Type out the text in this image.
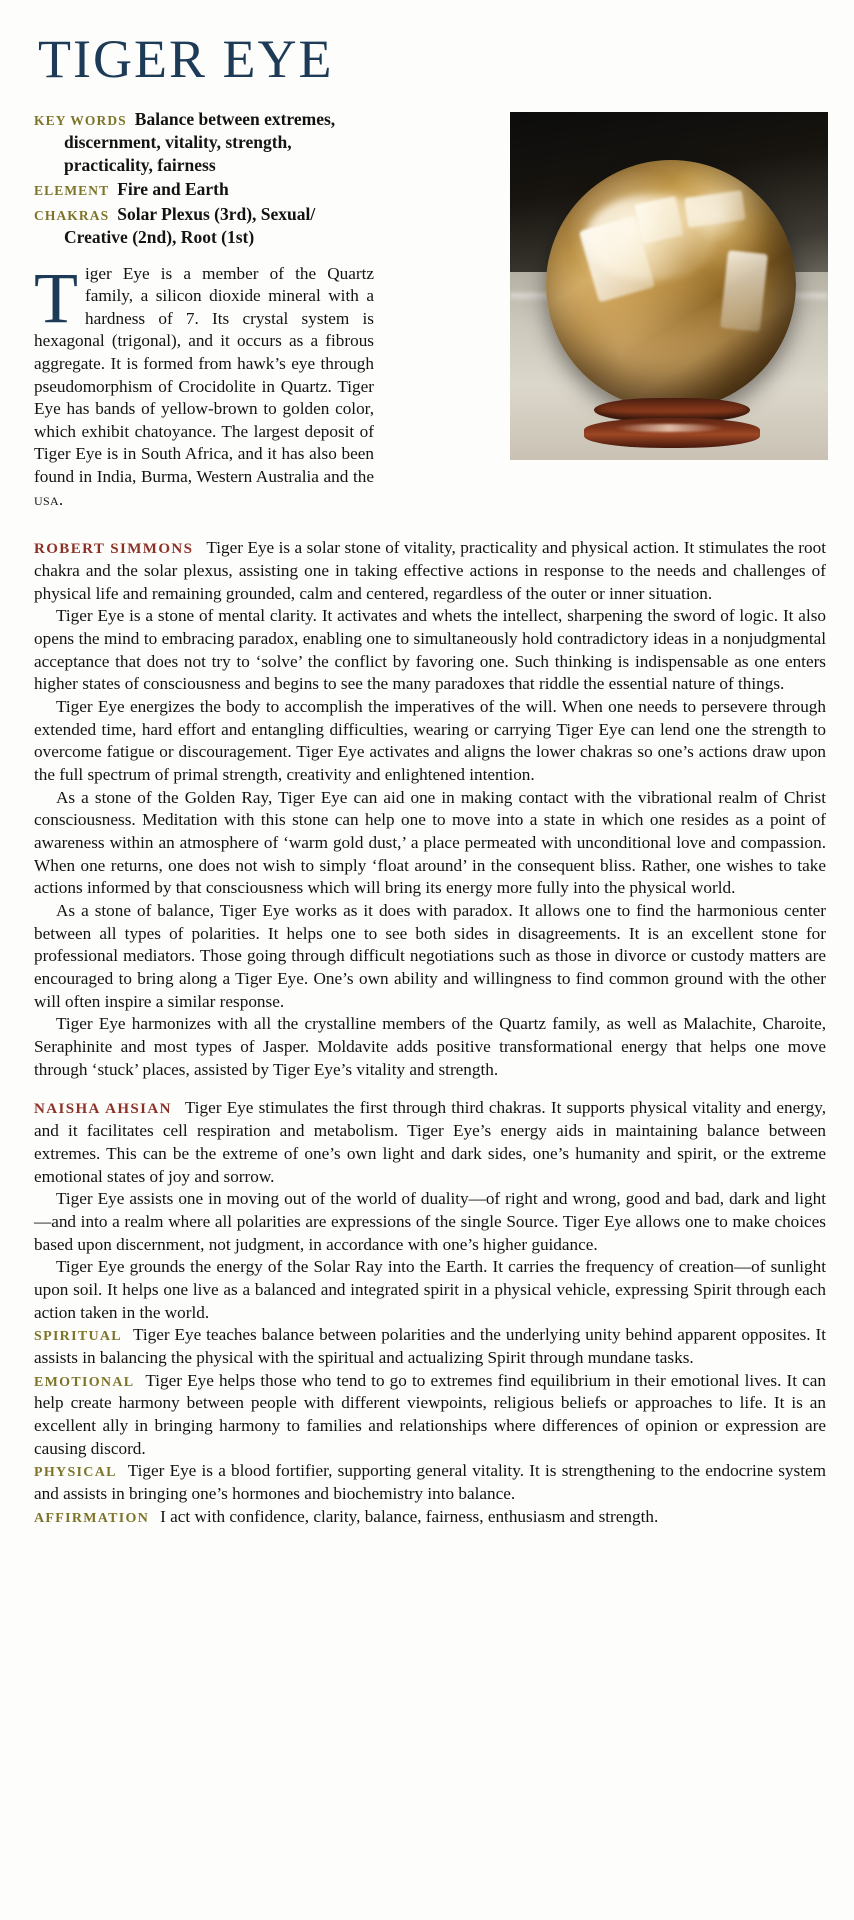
TIGER EYE
KEY WORDS Balance between extremes,
discernment, vitality, strength,
practicality, fairness
ELEMENT Fire and Earth
CHAKRAS Solar Plexus (3rd), Sexual/
Creative (2nd), Root (1st)
Tiger Eye is a member of the Quartz family, a silicon dioxide mineral with a hardness of 7. Its crystal system is hexagonal (trigonal), and it occurs as a fibrous aggregate. It is formed from hawk’s eye through pseudomorphism of Crocidolite in Quartz. Tiger Eye has bands of yellow-brown to golden color, which exhibit chatoyance. The largest deposit of Tiger Eye is in South Africa, and it has also been found in India, Burma, Western Australia and the usa.

ROBERT SIMMONS Tiger Eye is a solar stone of vitality, practicality and physical action. It stimulates the root chakra and the solar plexus, assisting one in taking effective actions in response to the needs and challenges of physical life and remaining grounded, calm and centered, regardless of the outer or inner situation.

Tiger Eye is a stone of mental clarity. It activates and whets the intellect, sharpening the sword of logic. It also opens the mind to embracing paradox, enabling one to simultaneously hold contradictory ideas in a nonjudgmental acceptance that does not try to ‘solve’ the conflict by favoring one. Such thinking is indispensable as one enters higher states of consciousness and begins to see the many paradoxes that riddle the essential nature of things.

Tiger Eye energizes the body to accomplish the imperatives of the will. When one needs to persevere through extended time, hard effort and entangling difficulties, wearing or carrying Tiger Eye can lend one the strength to overcome fatigue or discouragement. Tiger Eye activates and aligns the lower chakras so one’s actions draw upon the full spectrum of primal strength, creativity and enlightened intention.

As a stone of the Golden Ray, Tiger Eye can aid one in making contact with the vibrational realm of Christ consciousness. Meditation with this stone can help one to move into a state in which one resides as a point of awareness within an atmosphere of ‘warm gold dust,’ a place permeated with unconditional love and compassion. When one returns, one does not wish to simply ‘float around’ in the consequent bliss. Rather, one wishes to take actions informed by that consciousness which will bring its energy more fully into the physical world.

As a stone of balance, Tiger Eye works as it does with paradox. It allows one to find the harmonious center between all types of polarities. It helps one to see both sides in disagreements. It is an excellent stone for professional mediators. Those going through difficult negotiations such as those in divorce or custody matters are encouraged to bring along a Tiger Eye. One’s own ability and willingness to find common ground with the other will often inspire a similar response.

Tiger Eye harmonizes with all the crystalline members of the Quartz family, as well as Malachite, Charoite, Seraphinite and most types of Jasper. Moldavite adds positive transformational energy that helps one move through ‘stuck’ places, assisted by Tiger Eye’s vitality and strength.

NAISHA AHSIAN Tiger Eye stimulates the first through third chakras. It supports physical vitality and energy, and it facilitates cell respiration and metabolism. Tiger Eye’s energy aids in maintaining balance between extremes. This can be the extreme of one’s own light and dark sides, one’s humanity and spirit, or the extreme emotional states of joy and sorrow.

Tiger Eye assists one in moving out of the world of duality—of right and wrong, good and bad, dark and light—and into a realm where all polarities are expressions of the single Source. Tiger Eye allows one to make choices based upon discernment, not judgment, in accordance with one’s higher guidance.

Tiger Eye grounds the energy of the Solar Ray into the Earth. It carries the frequency of creation—of sunlight upon soil. It helps one live as a balanced and integrated spirit in a physical vehicle, expressing Spirit through each action taken in the world.

SPIRITUAL Tiger Eye teaches balance between polarities and the underlying unity behind apparent opposites. It assists in balancing the physical with the spiritual and actualizing Spirit through mundane tasks.

EMOTIONAL Tiger Eye helps those who tend to go to extremes find equilibrium in their emotional lives. It can help create harmony between people with different viewpoints, religious beliefs or approaches to life. It is an excellent ally in bringing harmony to families and relationships where differences of opinion or expression are causing discord.

PHYSICAL Tiger Eye is a blood fortifier, supporting general vitality. It is strengthening to the endocrine system and assists in bringing one’s hormones and biochemistry into balance.

AFFIRMATION I act with confidence, clarity, balance, fairness, enthusiasm and strength.
